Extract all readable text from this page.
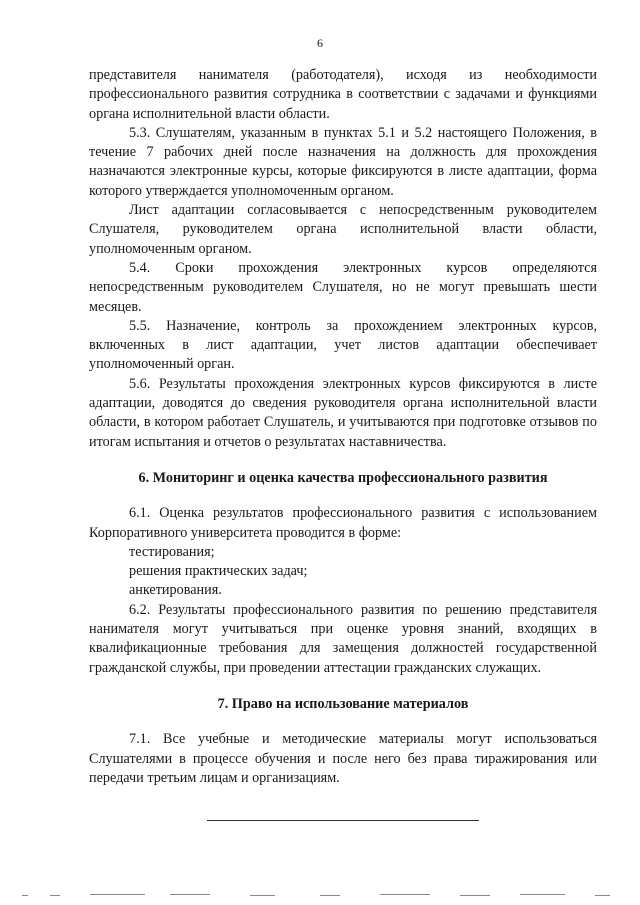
6

представителя нанимателя (работодателя), исходя из необходимости профессионального развития сотрудника в соответствии с задачами и функциями органа исполнительной власти области.

5.3. Слушателям, указанным в пунктах 5.1 и 5.2 настоящего Положения, в течение 7 рабочих дней после назначения на должность для прохождения назначаются электронные курсы, которые фиксируются в листе адаптации, форма которого утверждается уполномоченным органом.

Лист адаптации согласовывается с непосредственным руководителем Слушателя, руководителем органа исполнительной власти области, уполномоченным органом.

5.4. Сроки прохождения электронных курсов определяются непосредственным руководителем Слушателя, но не могут превышать шести месяцев.

5.5. Назначение, контроль за прохождением электронных курсов, включенных в лист адаптации, учет листов адаптации обеспечивает уполномоченный орган.

5.6. Результаты прохождения электронных курсов фиксируются в листе адаптации, доводятся до сведения руководителя органа исполнительной власти области, в котором работает Слушатель, и учитываются при подготовке отзывов по итогам испытания и отчетов о результатах наставничества.

6. Мониторинг и оценка качества профессионального развития

6.1. Оценка результатов профессионального развития с использованием Корпоративного университета проводится в форме:

тестирования;

решения практических задач;

анкетирования.

6.2. Результаты профессионального развития по решению представителя нанимателя могут учитываться при оценке уровня знаний, входящих в квалификационные требования для замещения должностей государственной гражданской службы, при проведении аттестации гражданских служащих.

7. Право на использование материалов

7.1. Все учебные и методические материалы могут использоваться Слушателями в процессе обучения и после него без права тиражирования или передачи третьим лицам и организациям.
